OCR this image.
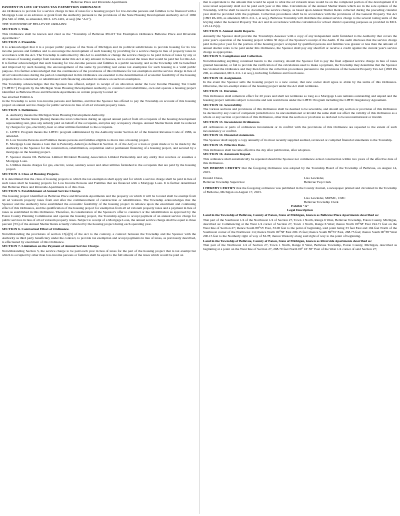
Bellevue Place and Riverside Apartments

PAYMENT IN LIEU OF TAXES TAX EXEMPTION ORDINANCE

An Ordinance to provide for a service charge in lieu of taxes for a housing project for low-income persons and families to be financed with a Mortgage Loan or an advance or grant from the Authority pursuant to the provisions of the State Housing Development Authority Act of 1966 (PA 346 of 1966, as amended, MCL 125.1401, et seq) (the "Act").

THE TOWNSHIP OF BELLEVUE ORDAINS:

SECTION 1. Title.

This Ordinance shall be known and cited as the "Township of Bellevue PILOT Tax Exemption Ordinance Bellevue Place and Riverside Apartments."

SECTION 2. Preamble.

It is acknowledged that it is a proper public purpose of the State of Michigan and its political subdivisions to provide housing for its low income persons and families and to encourage the development of such housing by providing for a service charge in lieu of property taxes in accordance with the Act. The Township is authorized by this Act to establish or change the service charge to be paid in lieu of taxes by any or all classes of housing exempt from taxation under this Act at any amount it chooses, not to exceed the taxes that would be paid but for this Act. It is further acknowledged that such housing for low-income persons and families is a public necessity, and as the Township will be benefited and improved by such housing, the encouragement of the same by providing real estate tax exemption for such housing is a valid public purpose. It is further acknowledged that the continuance of the provisions of this Ordinance for tax exemption and the service charge in lieu of all ad valorem taxes during the period contemplated in this Ordinance are essential to the determination of economic feasibility of the housing projects that is constructed or rehabilitated with financing extended in reliance on such tax exemption.

The Township acknowledges that the Sponsor has offered, subject to receipt of an allocation under the Low Income Housing Tax Credit ("LIHTC") Program by the Michigan State Housing Development Authority, to construct and rehabilitate, own and operate a housing project identified as Bellevue Place and Riverside Apartments on certain property located at/

See attached Exhibit A

in the Township to serve low-income persons and families, and that the Sponsor has offered to pay the Township on account of this housing project an annual service charge for public services in lieu of all ad valorem property taxes.

SECTION 3. Definitions.

A. Authority means the Michigan State Housing Development Authority.
B. Annual Shelter Rents (Rents) means the total collections during an agreed annual period from all occupants of the housing development representing rent, plus any subsidy paid on behalf of the occupants, and plus any occupancy charges. Annual Shelter Rents shall be reduced by charges for gas, electricity, heat or other utilities furnished to the occupants.
C. LIHTC Program means the LIHTC program administered by the Authority under Section 42 of the Internal Revenue Code of 1986, as amended.
D. Low Income Persons and Families means persons and families eligible to move into a housing project.
E. Mortgage Loan means a loan that is Federally-Aided (as defined in Section 11 of the Act) or a loan or grant made or to be made by the Authority to the Sponsor for the construction, rehabilitation, acquisition and/or permanent financing of a housing project, and secured by a mortgage on the housing project.
F. Sponsor means DL Bellevue Limited Dividend Housing Association Limited Partnership and any entity that receives or assumes a Mortgage Loan.
G. Utilities means charges for gas, electric, water, sanitary sewer and other utilities furnished to the occupants that are paid by the housing project.

SECTION 4. Class of Housing Projects.

It is determined that the class of housing projects to which the tax exemption shall apply and for which a service charge shall be paid in lieu of such taxes shall be housing projects for Low Income Persons and Families that are financed with a Mortgage Loan. It is further determined that Bellevue Place and Riverside Apartments is of this class.

SECTION 5. Establishment of Annual Service Charge.

The housing project identified as Bellevue Place and Riverside Apartments and the property on which it will be located shall be exempt from all ad valorem property taxes from and after the commencement of construction or rehabilitation. The Township acknowledges that the Sponsor and the Authority have established the economic feasibility of the housing project in reliance upon the enactment and continuing effect of this Ordinance, and the qualification of the housing project for exemption from all ad valorem property taxes and a payment in lieu of taxes as established in this Ordinance. Therefore, in consideration of the Sponsor's offer to construct or the rehabilitation as approved by the Eaton County Planning Commission and operate the housing project, the Township agrees to accept payment of an annual service charge for public services in lieu of all ad valorem property taxes. Subject to receipt of a Mortgage Loan, the annual service charge shall be equal to three percent (3%) of the Annual Shelter Rents actually collected by the housing project during each operating year.

SECTION 6. Contractual Effect of Ordinance.

Notwithstanding the provisions of section 15(a)(5) of the Act to the contrary, a contract between the Township and the Sponsor with the Authority as third party beneficiary under the contract, to provide tax exemption and accept payments in lieu of taxes, as previously described, is effectuated by enactment of this Ordinance.

SECTION 7. Limitation on the Payment of Annual Service Charge.

Notwithstanding Section 5, the service charge to be paid each year in lieu of taxes for the part of the housing project that is tax exempt but which is occupied by other than low-income persons or families shall be equal to the full amount of the taxes which would be paid on

that is equivalent to the amount that would be equal to what the ad valorem taxes would be on the completed portion of the development if it were taxed separately shall not be paid each year at this time. Calculations of the Annual Shelter Rents which are in the sole opinion of the Township, will be shall be used to document the service charge, as based upon Annual Shelter Rents collected during the preceding calendar year shall be provided with the payment. Collection procedures shall be in accordance with the provisions of the General Property Tax Act (1893 PA 206, as amended, MCL 211.1, et seq.). Bellevue Township will distribute the annual service charge to the several taxing units of the levying under the General Property Tax Act and in accordance with the calculation for school district operating purposes as provided in MCL 125.1415(4).

SECTION 8. Annual Audit Reports.

Annually the Sponsor shall provide the Township's Assessor with a copy of any independent audit furnished to the Authority that covers the prior year's operation of the housing project within 30 days of the Sponsor's receipt of the Audit. If the audit discloses that the service charge paid in the prior year for the portion of the housing project occupied by qualified persons and families was greater or less than the amount of annual shelter rents to be paid under this Ordinance, the Sponsor shall pay any shortfall or receive a credit against the current year's service charge as appropriate.

SECTION 9. Compliance and Collection.

Notwithstanding anything contained herein to the contrary, should the Sponsor fail to pay the final adjusted service charge in lieu of taxes granted hereunder, or fail to provide the verification of the calculations used to make a payment, the Township may determine that the Sponsor has violated the Ordinance and may then follow the collection procedures pursuant to the provisions of the General Property Tax Act (1893 PA 206, as amended, MCL 211.1 et seq.), including forfeiture and foreclosure.

SECTION 10. Assignment.

In the event the Sponsor sells the housing project to a new owner, that new owner shall agree to abide by the terms of this Ordinance. Otherwise, the tax-exempt status of the housing project under the Act shall terminate.

SECTION 11. Duration.

This Ordinance shall remain in effect for 20 years and shall not terminate so long as a Mortgage Loan remains outstanding and unpaid and the housing project remains subject to income and rent restrictions under the LIHTC Program including the LIHTC Regulatory Agreement.

SECTION 12. Severability.

The various sections and provisions of this Ordinance shall be deemed to be severable, and should any section or provision of this Ordinance be declared by any court of competent jurisdiction to be unconstitutional or invalid the same shall not affect the validity of this Ordinance as a whole or any section or provision of this Ordinance, other than the section or provision so declared to be unconstitutional or invalid.

SECTION 13. Inconsistent Ordinances.

All ordinances or parts of ordinances inconsistent or in conflict with the provisions of this Ordinance are repealed to the extent of such inconsistency or conflict.

SECTION 14. Financial statements.

The Sponsor shall supply a copy annually of its most recently supplied audited, reviewed or compiled financial statements to the Township.

SECTION 15. Effective Date.

This Ordinance shall become effective the day after publication, after adoption.

SECTION 16. Automatic Repeal.

This ordinance shall automatically be repealed should the Sponsor not commence actual construction within two years of the effective date of this Ordinance.

WE HEREBY CERTIFY that the foregoing Ordinance was adopted by the Township Board of the Township of Bellevue, on August 14, 2023.

Donald Chase,	Lisa Lewinder,
Bellevue Township Supervisor	Bellevue Twp Clerk

I HEREBY CERTIFY that the foregoing ordinance was published in the County Journal, a newspaper printed and circulated in the Township of Bellevue, Michigan on August 17, 2023.

Lisa Lewinder, MiPMC, CMC
Bellevue Township Clerk

Exhibit "A"

Legal Description

Land in the Township of Bellevue, County of Eaton, State of Michigan, known as Bellevue Place Apartments described as:

That part of the Southwest 1/4 of the Northwest 1/4 of Section 27, Town 1 North, Range 6 West, Bellevue Township, Eaton County, Michigan, described as: Commencing at the West 1/4 corner of Section 27, Town 1 North, Range 6 West; thence North 00°38' East 194.71 feet on the West line of Section 27; thence South 89°55' East, 33.00 feet to the point of beginning, said point being 33 feet East and 194 feet North of the Southwest corner of the Northwest 1/4; thence North 00°38' East 200.15 feet; thence South 89°55' East, 268.75 feet; thence South 00°38' West 200.15 feet to the Northerly right of way of M-78; thence Westerly along said right of way to the point of beginning.

Land in the Township of Bellevue, County of Eaton, State of Michigan, known as Riverside Apartments described as:

That part of the Northwest 1/4 of Section 27, Town 1 North, Range 6 West, Bellevue Township, Eaton County, Michigan, described as beginning at a point on the West line of Section 27, 268.70 feet North 00° 16' 38" East of the West 1/4 corner of said Section 27;
